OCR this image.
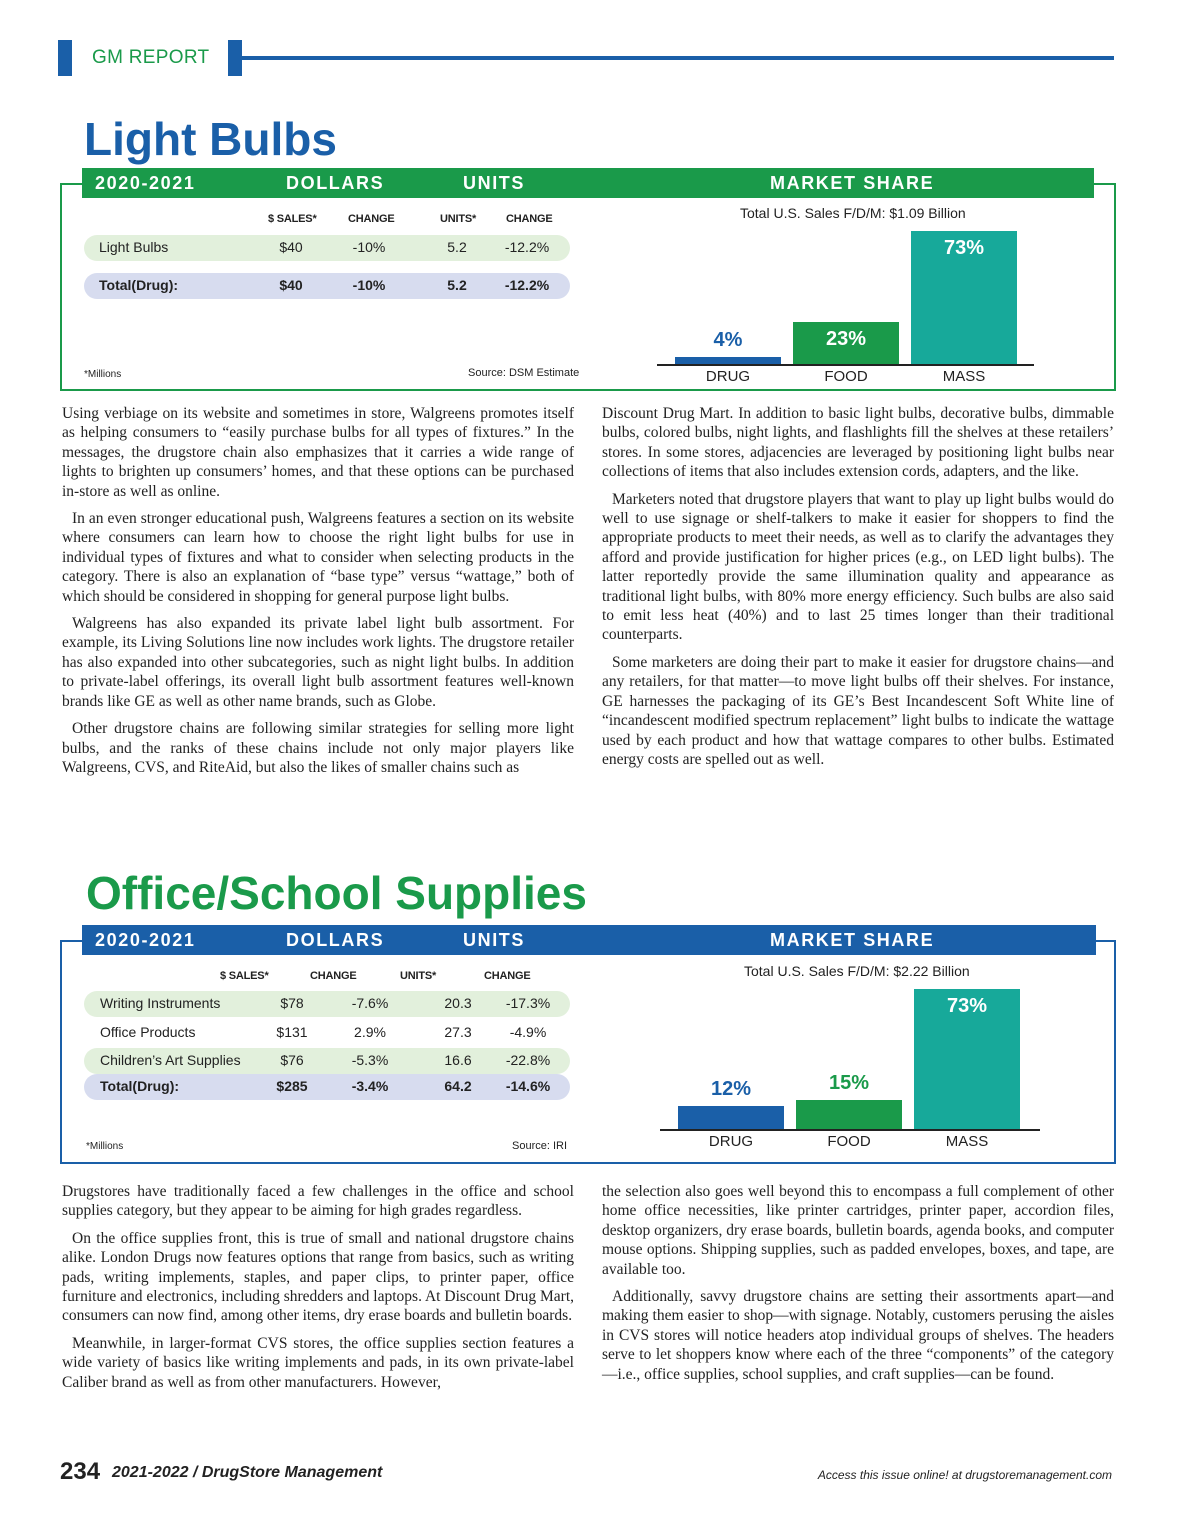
GM REPORT
Light Bulbs
2020-2021	DOLLARS	UNITS	MARKET SHARE
$ SALES*	CHANGE	UNITS*	CHANGE
Light Bulbs	$40	-10%	5.2	-12.2%
Total(Drug):	$40	-10%	5.2	-12.2%
*Millions	Source: DSM Estimate
Total U.S. Sales F/D/M: $1.09 Billion
4%
DRUG
23%
FOOD
73%
MASS

Using verbiage on its website and sometimes in store, Walgreens promotes itself as helping consumers to “easily purchase bulbs for all types of fixtures.” In the messages, the drugstore chain also emphasizes that it carries a wide range of lights to brighten up consumers’ homes, and that these options can be purchased in-store as well as online.

In an even stronger educational push, Walgreens features a section on its website where consumers can learn how to choose the right light bulbs for use in individual types of fixtures and what to consider when selecting products in the category. There is also an explanation of “base type” versus “wattage,” both of which should be considered in shopping for general purpose light bulbs.

Walgreens has also expanded its private label light bulb assortment. For example, its Living Solutions line now includes work lights. The drugstore retailer has also expanded into other subcategories, such as night light bulbs. In addition to private-label offerings, its overall light bulb assortment features well-known brands like GE as well as other name brands, such as Globe.

Other drugstore chains are following similar strategies for selling more light bulbs, and the ranks of these chains include not only major players like Walgreens, CVS, and RiteAid, but also the likes of smaller chains such as

Discount Drug Mart. In addition to basic light bulbs, decorative bulbs, dimmable bulbs, colored bulbs, night lights, and flashlights fill the shelves at these retailers’ stores. In some stores, adjacencies are leveraged by positioning light bulbs near collections of items that also includes extension cords, adapters, and the like.

Marketers noted that drugstore players that want to play up light bulbs would do well to use signage or shelf-talkers to make it easier for shoppers to find the appropriate products to meet their needs, as well as to clarify the advantages they afford and provide justification for higher prices (e.g., on LED light bulbs). The latter reportedly provide the same illumination quality and appearance as traditional light bulbs, with 80% more energy efficiency. Such bulbs are also said to emit less heat (40%) and to last 25 times longer than their traditional counterparts.

Some marketers are doing their part to make it easier for drugstore chains—and any retailers, for that matter—to move light bulbs off their shelves. For instance, GE harnesses the packaging of its GE’s Best Incandescent Soft White line of “incandescent modified spectrum replacement” light bulbs to indicate the wattage used by each product and how that wattage compares to other bulbs. Estimated energy costs are spelled out as well.

Office/School Supplies
2020-2021	DOLLARS	UNITS	MARKET SHARE
$ SALES*	CHANGE	UNITS*	CHANGE
Writing Instruments	$78	-7.6%	20.3 -17.3%
Office Products	$131	2.9%	27.3	-4.9%
Children’s Art Supplies	$76	-5.3%	16.6 -22.8%
Total(Drug):	$285	-3.4%	64.2 -14.6%
*Millions	Source: IRI
Total U.S. Sales F/D/M: $2.22 Billion
12%
DRUG
15%
FOOD
73%
MASS

Drugstores have traditionally faced a few challenges in the office and school supplies category, but they appear to be aiming for high grades regardless.

On the office supplies front, this is true of small and national drugstore chains alike. London Drugs now features options that range from basics, such as writing pads, writing implements, staples, and paper clips, to printer paper, office furniture and electronics, including shredders and laptops. At Discount Drug Mart, consumers can now find, among other items, dry erase boards and bulletin boards.

Meanwhile, in larger-format CVS stores, the office supplies section features a wide variety of basics like writing implements and pads, in its own private-label Caliber brand as well as from other manufacturers. However,

the selection also goes well beyond this to encompass a full complement of other home office necessities, like printer cartridges, printer paper, accordion files, desktop organizers, dry erase boards, bulletin boards, agenda books, and computer mouse options. Shipping supplies, such as padded envelopes, boxes, and tape, are available too.

Additionally, savvy drugstore chains are setting their assortments apart—and making them easier to shop—with signage. Notably, customers perusing the aisles in CVS stores will notice headers atop individual groups of shelves. The headers serve to let shoppers know where each of the three “components” of the category—i.e., office supplies, school supplies, and craft supplies—can be found.

234 2021-2022 / DrugStore Management	Access this issue online! at drugstoremanagement.com
